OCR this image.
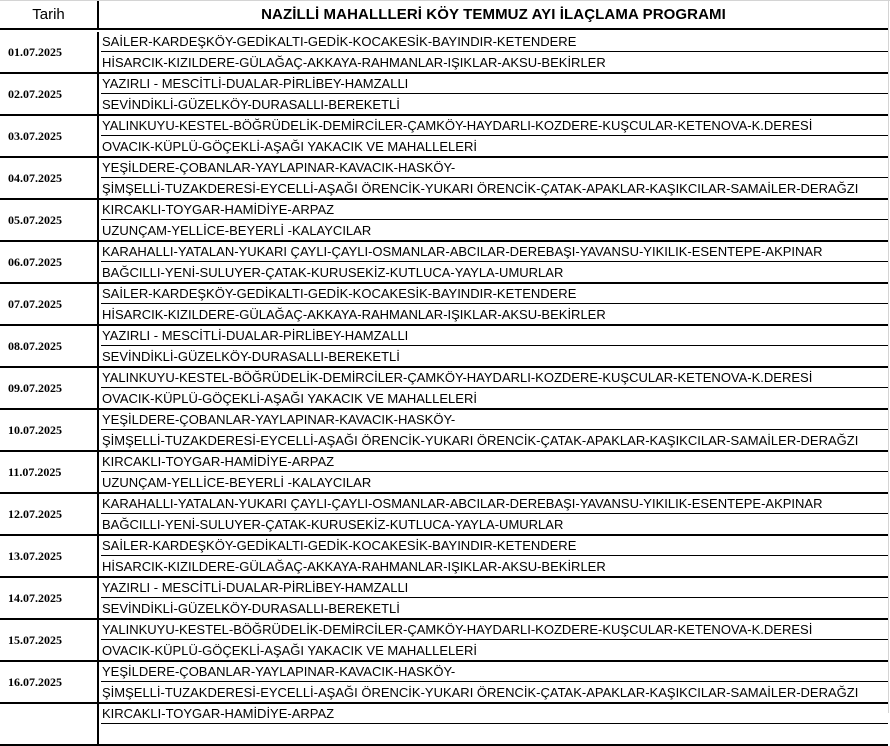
Tarih	NAZİLLİ MAHALLLERİ KÖY TEMMUZ AYI İLAÇLAMA PROGRAMI
01.07.2025
SAİLER-KARDEŞKÖY-GEDİKALTI-GEDİK-KOCAKESİK-BAYINDIR-KETENDERE
HİSARCIK-KIZILDERE-GÜLAĞAÇ-AKKAYA-RAHMANLAR-IŞIKLAR-AKSU-BEKİRLER
02.07.2025
YAZIRLI - MESCİTLİ-DUALAR-PİRLİBEY-HAMZALLI
SEVİNDİKLİ-GÜZELKÖY-DURASALLI-BEREKETLİ
03.07.2025
YALINKUYU-KESTEL-BÖĞRÜDELİK-DEMİRCİLER-ÇAMKÖY-HAYDARLI-KOZDERE-KUŞCULAR-KETENOVA-K.DERESİ
OVACIK-KÜPLÜ-GÖÇEKLİ-AŞAĞI YAKACIK VE MAHALLELERİ
04.07.2025
YEŞİLDERE-ÇOBANLAR-YAYLAPINAR-KAVACIK-HASKÖY-
ŞİMŞELLİ-TUZAKDERESİ-EYCELLİ-AŞAĞI ÖRENCİK-YUKARI ÖRENCİK-ÇATAK-APAKLAR-KAŞIKCILAR-SAMAİLER-DERAĞZI
05.07.2025
KIRCAKLI-TOYGAR-HAMİDİYE-ARPAZ
UZUNÇAM-YELLİCE-BEYERLİ -KALAYCILAR
06.07.2025
KARAHALLI-YATALAN-YUKARI ÇAYLI-ÇAYLI-OSMANLAR-ABCILAR-DEREBAŞI-YAVANSU-YIKILIK-ESENTEPE-AKPINAR
BAĞCILLI-YENİ-SULUYER-ÇATAK-KURUSEKİZ-KUTLUCA-YAYLA-UMURLAR
07.07.2025
SAİLER-KARDEŞKÖY-GEDİKALTI-GEDİK-KOCAKESİK-BAYINDIR-KETENDERE
HİSARCIK-KIZILDERE-GÜLAĞAÇ-AKKAYA-RAHMANLAR-IŞIKLAR-AKSU-BEKİRLER
08.07.2025
YAZIRLI - MESCİTLİ-DUALAR-PİRLİBEY-HAMZALLI
SEVİNDİKLİ-GÜZELKÖY-DURASALLI-BEREKETLİ
09.07.2025
YALINKUYU-KESTEL-BÖĞRÜDELİK-DEMİRCİLER-ÇAMKÖY-HAYDARLI-KOZDERE-KUŞCULAR-KETENOVA-K.DERESİ
OVACIK-KÜPLÜ-GÖÇEKLİ-AŞAĞI YAKACIK VE MAHALLELERİ
10.07.2025
YEŞİLDERE-ÇOBANLAR-YAYLAPINAR-KAVACIK-HASKÖY-
ŞİMŞELLİ-TUZAKDERESİ-EYCELLİ-AŞAĞI ÖRENCİK-YUKARI ÖRENCİK-ÇATAK-APAKLAR-KAŞIKCILAR-SAMAİLER-DERAĞZI
11.07.2025
KIRCAKLI-TOYGAR-HAMİDİYE-ARPAZ
UZUNÇAM-YELLİCE-BEYERLİ -KALAYCILAR
12.07.2025
KARAHALLI-YATALAN-YUKARI ÇAYLI-ÇAYLI-OSMANLAR-ABCILAR-DEREBAŞI-YAVANSU-YIKILIK-ESENTEPE-AKPINAR
BAĞCILLI-YENİ-SULUYER-ÇATAK-KURUSEKİZ-KUTLUCA-YAYLA-UMURLAR
13.07.2025
SAİLER-KARDEŞKÖY-GEDİKALTI-GEDİK-KOCAKESİK-BAYINDIR-KETENDERE
HİSARCIK-KIZILDERE-GÜLAĞAÇ-AKKAYA-RAHMANLAR-IŞIKLAR-AKSU-BEKİRLER
14.07.2025
YAZIRLI - MESCİTLİ-DUALAR-PİRLİBEY-HAMZALLI
SEVİNDİKLİ-GÜZELKÖY-DURASALLI-BEREKETLİ
15.07.2025
YALINKUYU-KESTEL-BÖĞRÜDELİK-DEMİRCİLER-ÇAMKÖY-HAYDARLI-KOZDERE-KUŞCULAR-KETENOVA-K.DERESİ
OVACIK-KÜPLÜ-GÖÇEKLİ-AŞAĞI YAKACIK VE MAHALLELERİ
16.07.2025
YEŞİLDERE-ÇOBANLAR-YAYLAPINAR-KAVACIK-HASKÖY-
ŞİMŞELLİ-TUZAKDERESİ-EYCELLİ-AŞAĞI ÖRENCİK-YUKARI ÖRENCİK-ÇATAK-APAKLAR-KAŞIKCILAR-SAMAİLER-DERAĞZI
KIRCAKLI-TOYGAR-HAMİDİYE-ARPAZ
